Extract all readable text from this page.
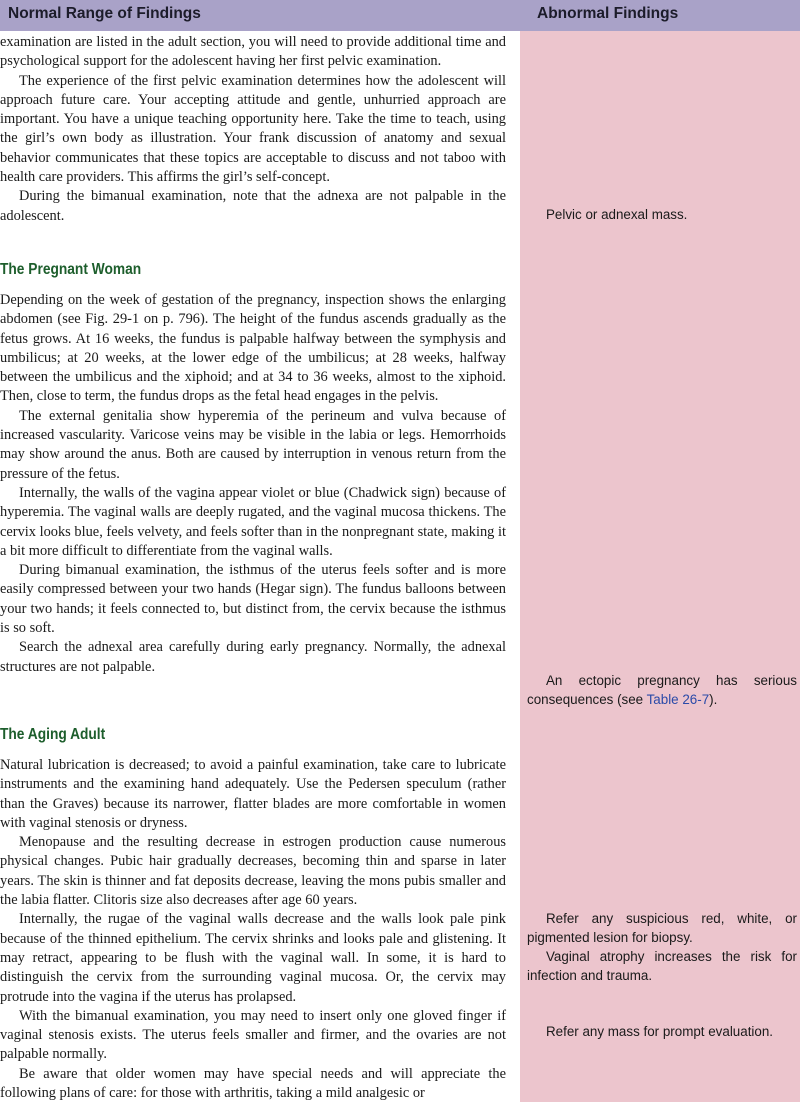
Normal Range of Findings	Abnormal Findings

examination are listed in the adult section, you will need to provide additional time and psychological support for the adolescent having her first pelvic examination.

The experience of the first pelvic examination determines how the adolescent will approach future care. Your accepting attitude and gentle, unhurried approach are important. You have a unique teaching opportunity here. Take the time to teach, using the girl’s own body as illustration. Your frank discussion of anatomy and sexual behavior communicates that these topics are acceptable to discuss and not taboo with health care providers. This affirms the girl’s self-concept.

During the bimanual examination, note that the adnexa are not palpable in the adolescent.

The Pregnant Woman

Depending on the week of gestation of the pregnancy, inspection shows the enlarging abdomen (see Fig. 29-1 on p. 796). The height of the fundus ascends gradually as the fetus grows. At 16 weeks, the fundus is palpable halfway between the symphysis and umbilicus; at 20 weeks, at the lower edge of the umbilicus; at 28 weeks, halfway between the umbilicus and the xiphoid; and at 34 to 36 weeks, almost to the xiphoid. Then, close to term, the fundus drops as the fetal head engages in the pelvis.

The external genitalia show hyperemia of the perineum and vulva because of increased vascularity. Varicose veins may be visible in the labia or legs. Hemorrhoids may show around the anus. Both are caused by interruption in venous return from the pressure of the fetus.

Internally, the walls of the vagina appear violet or blue (Chadwick sign) because of hyperemia. The vaginal walls are deeply rugated, and the vaginal mucosa thickens. The cervix looks blue, feels velvety, and feels softer than in the nonpregnant state, making it a bit more difficult to differentiate from the vaginal walls.

During bimanual examination, the isthmus of the uterus feels softer and is more easily compressed between your two hands (Hegar sign). The fundus balloons between your two hands; it feels connected to, but distinct from, the cervix because the isthmus is so soft.

Search the adnexal area carefully during early pregnancy. Normally, the adnexal structures are not palpable.

The Aging Adult

Natural lubrication is decreased; to avoid a painful examination, take care to lubricate instruments and the examining hand adequately. Use the Pedersen speculum (rather than the Graves) because its narrower, flatter blades are more comfortable in women with vaginal stenosis or dryness.

Menopause and the resulting decrease in estrogen production cause numerous physical changes. Pubic hair gradually decreases, becoming thin and sparse in later years. The skin is thinner and fat deposits decrease, leaving the mons pubis smaller and the labia flatter. Clitoris size also decreases after age 60 years.

Internally, the rugae of the vaginal walls decrease and the walls look pale pink because of the thinned epithelium. The cervix shrinks and looks pale and glistening. It may retract, appearing to be flush with the vaginal wall. In some, it is hard to distinguish the cervix from the surrounding vaginal mucosa. Or, the cervix may protrude into the vagina if the uterus has prolapsed.

With the bimanual examination, you may need to insert only one gloved finger if vaginal stenosis exists. The uterus feels smaller and firmer, and the ovaries are not palpable normally.

Be aware that older women may have special needs and will appreciate the following plans of care: for those with arthritis, taking a mild analgesic or

Pelvic or adnexal mass.

An ectopic pregnancy has serious consequences (see Table 26-7).

Refer any suspicious red, white, or pigmented lesion for biopsy.

Vaginal atrophy increases the risk for infection and trauma.

Refer any mass for prompt evaluation.
